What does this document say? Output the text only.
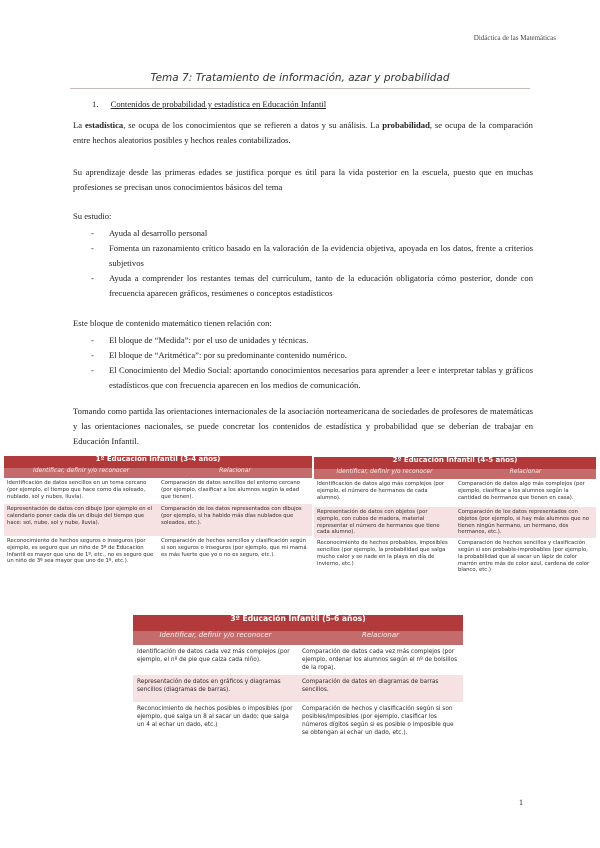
Didáctica de las Matemáticas
Tema 7: Tratamiento de información, azar y probabilidad
1. Contenidos de probabilidad y estadística en Educación Infantil
La estadística, se ocupa de los conocimientos que se refieren a datos y su análisis. La probabilidad, se ocupa de la comparación entre hechos aleatorios posibles y hechos reales contabilizados.
Su aprendizaje desde las primeras edades se justifica porque es útil para la vida posterior en la escuela, puesto que en muchas profesiones se precisan unos conocimientos básicos del tema
Su estudio:
- Ayuda al desarrollo personal
- Fomenta un razonamiento crítico basado en la valoración de la evidencia objetiva, apoyada en los datos, frente a criterios subjetivos
- Ayuda a comprender los restantes temas del currículum, tanto de la educación obligatoria cómo posterior, donde con frecuencia aparecen gráficos, resúmenes o conceptos estadísticos
Este bloque de contenido matemático tienen relación con:
- El bloque de “Medida”: por el uso de unidades y técnicas.
- El bloque de “Aritmética”: por su predominante contenido numérico.
- El Conocimiento del Medio Social: aportando conocimientos necesarios para aprender a leer e interpretar tablas y gráficos estadísticos que con frecuencia aparecen en los medios de comunicación.
Tomando como partida las orientaciones internacionales de la asociación norteamericana de sociedades de profesores de matemáticas y las orientaciones nacionales, se puede concretar los contenidos de estadística y probabilidad que se deberían de trabajar en Educación Infantil.
1º Educación Infantil (3-4 años)	
Identificar, definir y/o reconocer	Relacionar
Identificación de datos sencillos en un tema cercano (por ejemplo, el tiempo que hace como día soleado, nublado, sol y nubes, lluvia).	Comparación de datos sencillos del entorno cercano (por ejemplo, clasificar a los alumnos según la edad que tienen).
Representación de datos con dibujo (por ejemplo en el calendario poner cada día un dibujo del tiempo que hace: sol, nube, sol y nube, lluvia).	Comparación de los datos representados con dibujos (por ejemplo, si ha habido más días nublados que soleados, etc.).
Reconocimiento de hechos seguros o inseguros (por ejemplo, es seguro que un niño de 3º de Educación Infantil es mayor que uno de 1º, etc., no es seguro que un niño de 3º sea mayor que uno de 1º, etc.).	Comparación de hechos sencillos y clasificación según si son seguros o inseguros (por ejemplo, que mi mamá es más fuerte que yo o no es seguro, etc.).
2º Educación Infantil (4-5 años)	
Identificar, definir y/o reconocer	Relacionar
Identificación de datos algo más complejos (por ejemplo, el número de hermanos de cada alumno).	Comparación de datos algo más complejos (por ejemplo, clasificar a los alumnos según la cantidad de hermanos que tienen en casa).
Representación de datos con objetos (por ejemplo, con cubos de madera, material representar el número de hermanos que tiene cada alumno).	Comparación de los datos representados con objetos (por ejemplo, si hay más alumnos que no tienen ningún hermano, un hermano, dos hermanos, etc.).
Reconocimiento de hechos probables, imposibles sencillos (por ejemplo, la probabilidad que salga mucho calor y se nade en la playa en día de invierno, etc.)	Comparación de hechos sencillos y clasificación según si son probable-improbables (por ejemplo, la probabilidad que al sacar un lápiz de color marrón entre más de color azul, cardena de color blanco, etc.)
3º Educación Infantil (5-6 años)	
Identificar, definir y/o reconocer	Relacionar
Identificación de datos cada vez más complejos (por ejemplo, el nº de pie que calza cada niño).	Comparación de datos cada vez más complejos (por ejemplo, ordenar los alumnos según el nº de bolsillos de la ropa).
Representación de datos en gráficos y diagramas sencillos (diagramas de barras).	Comparación de datos en diagramas de barras sencillos.
Reconocimiento de hechos posibles o imposibles (por ejemplo, que salga un 8 al sacar un dado; que salga un 4 al echar un dado, etc.)	Comparación de hechos y clasificación según si son posibles/imposibles (por ejemplo, clasificar los números dígitos según si es posible o imposible que se obtengan al echar un dado, etc.).
1
